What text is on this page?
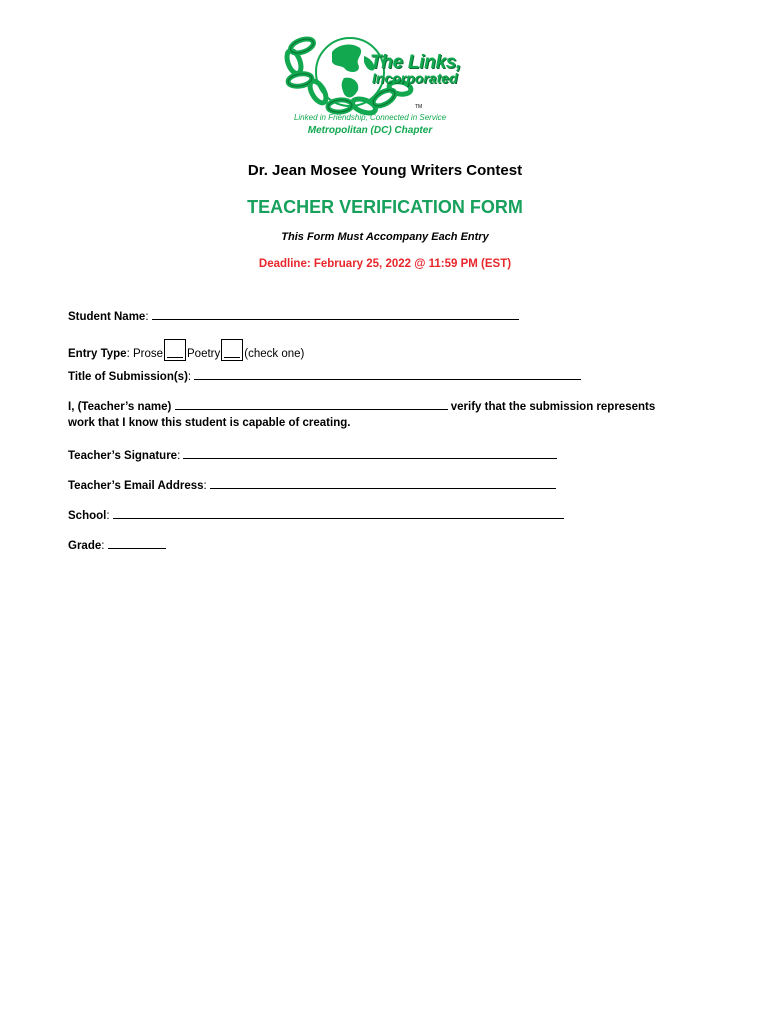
The Links,
Incorporated
TM
Linked in Friendship, Connected in Service
Metropolitan (DC) Chapter
Dr. Jean Mosee Young Writers Contest
TEACHER VERIFICATION FORM
This Form Must Accompany Each Entry
Deadline: February 25, 2022 @ 11:59 PM (EST)
Student Name:
Entry Type: Prose Poetry (check one)
Title of Submission(s):
I, (Teacher’s name)	verify that the submission represents
work that I know this student is capable of creating.
Teacher’s Signature:
Teacher’s Email Address:
School:
Grade:
